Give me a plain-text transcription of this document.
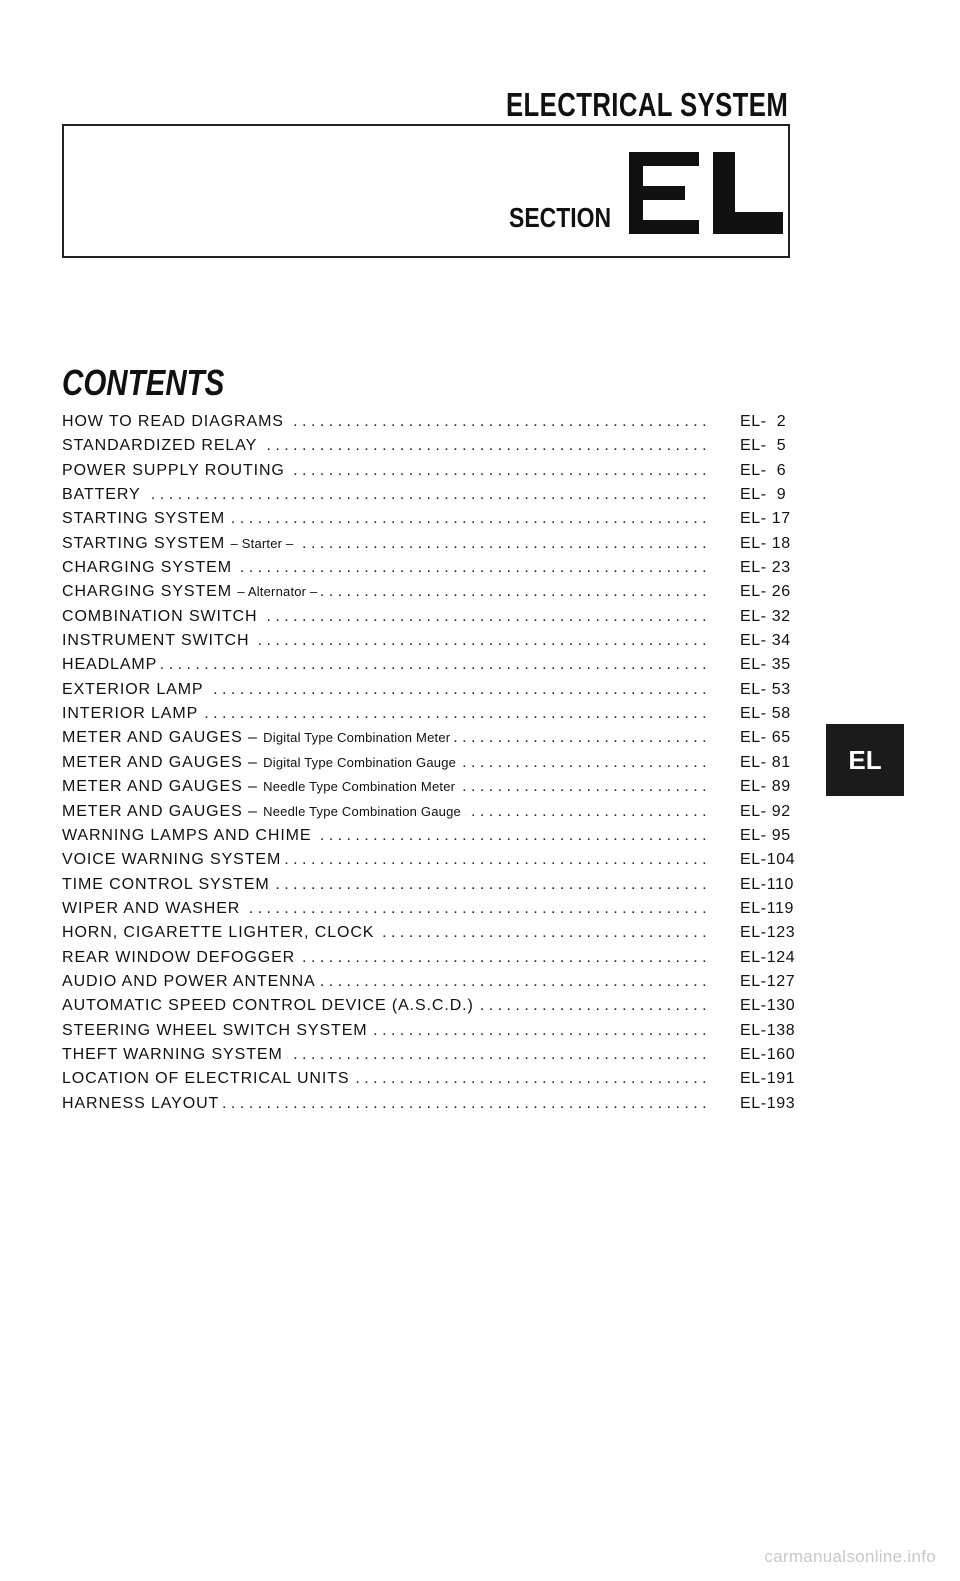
ELECTRICAL SYSTEM
SECTION
CONTENTS
. . .
HOW TO READ DIAGRAMS	EL-  2
. . .
STANDARDIZED RELAY	EL-  5
. . .
POWER SUPPLY ROUTING	EL-  6
. . .
BATTERY	EL-  9
. . .
STARTING SYSTEM	EL- 17
. . .
STARTING SYSTEM – Starter –	EL- 18
. . .
CHARGING SYSTEM	EL- 23
. . .
CHARGING SYSTEM – Alternator –	EL- 26
. . .
COMBINATION SWITCH	EL- 32
. . .
INSTRUMENT SWITCH	EL- 34
. . .
HEADLAMP	EL- 35
. . .
EXTERIOR LAMP	EL- 53
. . .
INTERIOR LAMP	EL- 58
. . .
METER AND GAUGES – Digital Type Combination Meter	EL- 65
. . .
METER AND GAUGES – Digital Type Combination Gauge	EL- 81
. . .
METER AND GAUGES – Needle Type Combination Meter	EL- 89
. . .
METER AND GAUGES – Needle Type Combination Gauge	EL- 92
. . .
WARNING LAMPS AND CHIME	EL- 95
. . .
VOICE WARNING SYSTEM	EL-104
. . .
TIME CONTROL SYSTEM	EL-110
. . .
WIPER AND WASHER	EL-119
. . .
HORN, CIGARETTE LIGHTER, CLOCK	EL-123
. . .
REAR WINDOW DEFOGGER	EL-124
. . .
AUDIO AND POWER ANTENNA	EL-127
. . .
AUTOMATIC SPEED CONTROL DEVICE (A.S.C.D.)	EL-130
. . .
STEERING WHEEL SWITCH SYSTEM	EL-138
. . .
THEFT WARNING SYSTEM	EL-160
. . .
LOCATION OF ELECTRICAL UNITS	EL-191
. . .
HARNESS LAYOUT	EL-193
EL
carmanualsonline.info
